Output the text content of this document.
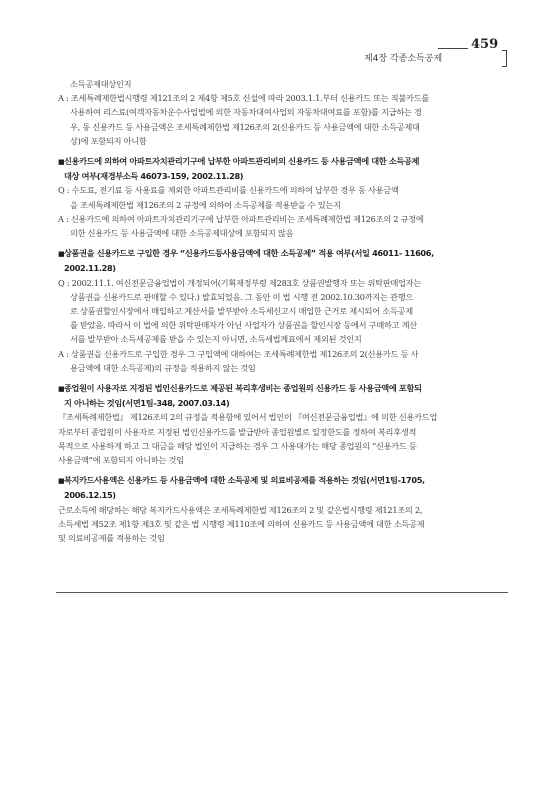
제4장 각종소득공제
459
소득공제대상인지
A : 조세특례제한법시행령 제121조의 2 제4항 제5호 신설에 따라 2003.1.1.부터 신용카드 또는 직불카드를
사용하여 리스료(여객자동차운수사업법에 의한 자동차대여사업의 자동차대여료를 포함)를 지급하는 경
우, 동 신용카드 등 사용금액은 조세특례제한법 제126조의 2(신용카드 등 사용금액에 대한 소득공제대
상)에 포함되지 아니함
■신용카드에 의하여 아파트자치관리기구에 납부한 아파트관리비의 신용카드 등 사용금액에 대한 소득공제
대상 여부(재경부소득 46073-159, 2002.11.28)
Q : 수도료, 전기료 등 사용료를 제외한 아파트관리비를 신용카드에 의하여 납부한 경우 동 사용금액
을 조세특례제한법 제126조의 2 규정에 의하여 소득공제를 적용받을 수 있는지
A : 신용카드에 의하여 아파트자치관리기구에 납부한 아파트관리비는 조세특례제한법 제126조의 2 규정에
의한 신용카드 등 사용금액에 대한 소득공제대상에 포함되지 않음
■상품권을 신용카드로 구입한 경우 “신용카드등사용금액에 대한 소득공제” 적용 여부(서일 46011- 11606,
2002.11.28)
Q : 2002.11.1. 여신전문금융업법이 개정되어(기획재정부령 제283호 상품권발행자 또는 위탁판매업자는
상품권을 신용카드로 판매할 수 있다.) 발효되었음. 그 동안 이 법 시행 전 2002.10.30까지는 관행으
로 상품권할인시장에서 매입하고 계산서를 발부받아 소득세신고시 매입한 근거로 제시되어 소득공제
를 받았음. 따라서 이 법에 의한 위탁판매자가 아닌 사업자가 상품권을 할인시장 등에서 구매하고 계산
서를 발부받아 소득세공제를 받을 수 있는지 아니면, 소득세법계표에서 제외된 것인지
A : 상품권을 신용카드로 구입한 경우 그 구입액에 대하여는 조세특례제한법 제126조의 2(신용카드 등 사
용금액에 대한 소득공제)의 규정을 적용하지 않는 것임
■종업원이 사용자로 지정된 법인신용카드로 제공된 복리후생비는 종업원의 신용카드 등 사용금액에 포함되
지 아니하는 것임(서면1팀-348, 2007.03.14)
『조세특례제한법』 제126조의 2의 규정을 적용함에 있어서 법인이 『여신전문금융업법』에 의한 신용카드업
자로부터 종업원이 사용자로 지정된 법인신용카드를 발급받아 종업원별로 일정한도를 정하여 복리후생적
목적으로 사용하게 하고 그 대금을 해당 법인이 지급하는 경우 그 사용대가는 해당 종업원의 “신용카드 등
사용금액”에 포함되지 아니하는 것임
■복지카드사용액은 신용카드 등 사용금액에 대한 소득공제 및 의료비공제를 적용하는 것임(서면1팀-1705,
2006.12.15)
근로소득에 해당하는 해당 복지카드사용액은 조세특례제한법 제126조의 2 및 같은법시행령 제121조의 2,
소득세법 제52조 제1항 제3호 및 같은 법 시행령 제110조에 의하여 신용카드 등 사용금액에 대한 소득공제
및 의료비공제를 적용하는 것임
